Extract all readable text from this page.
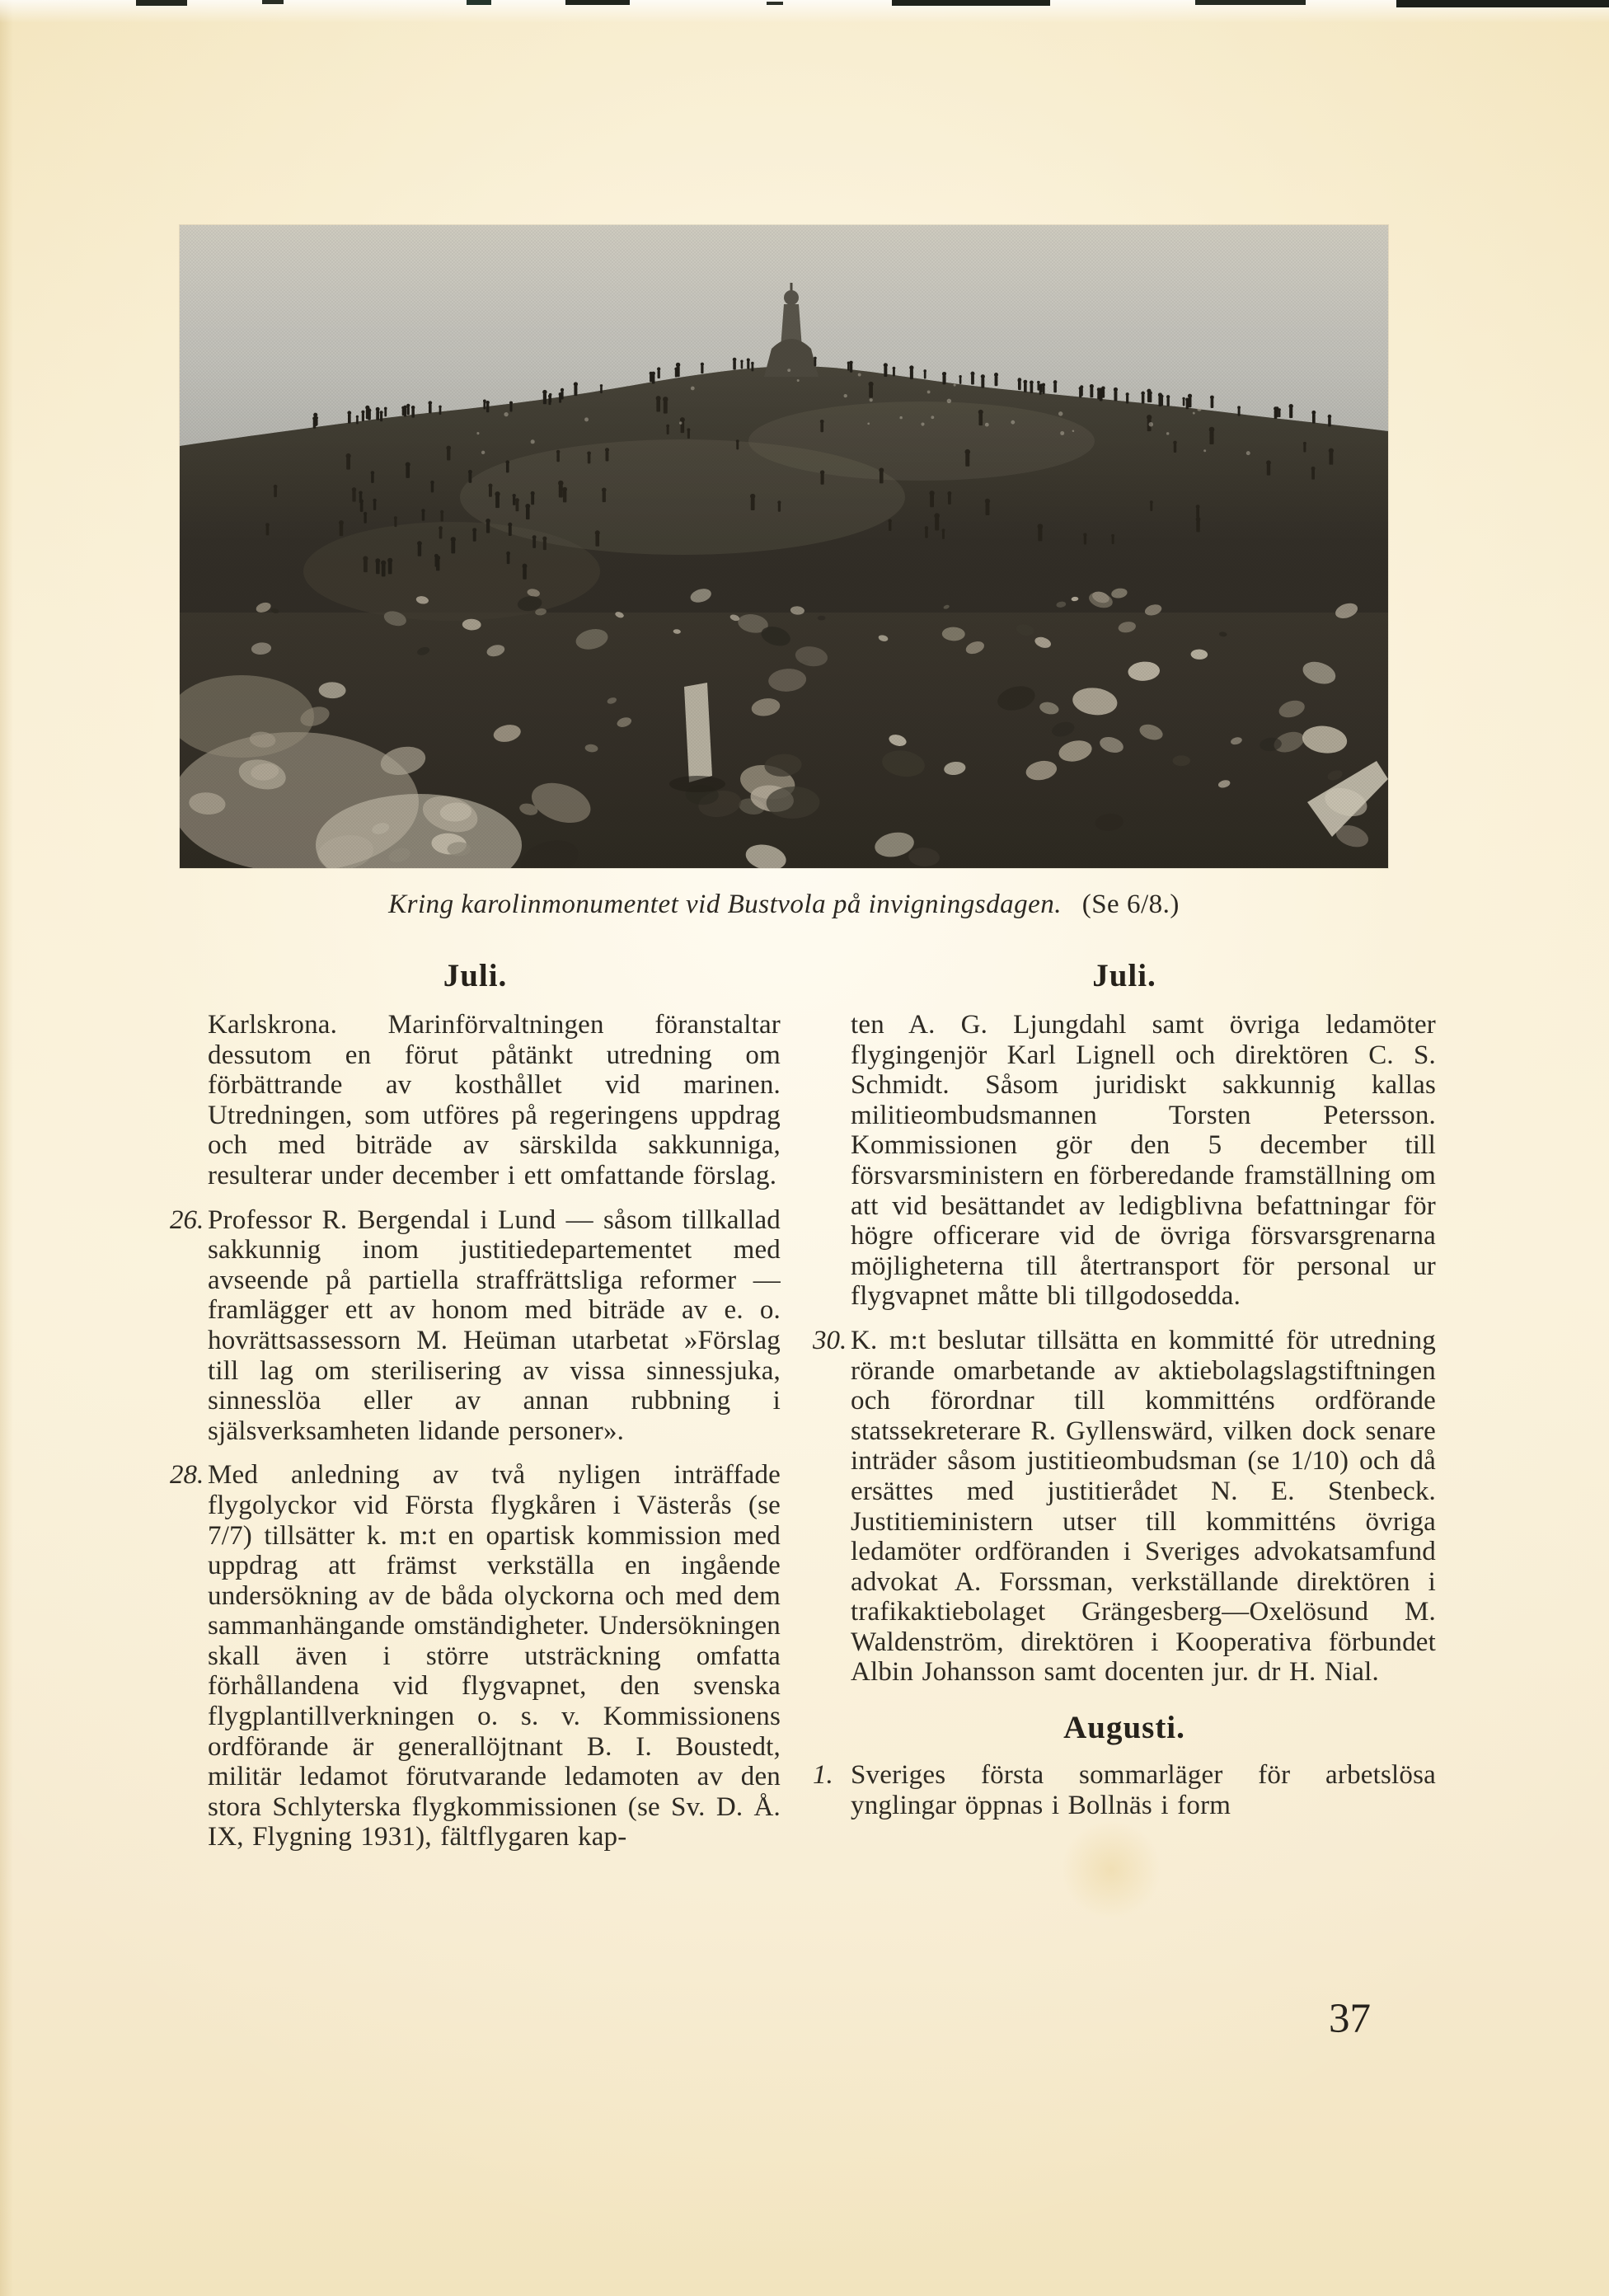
Kring karolinmonumentet vid Bustvola på invigningsdagen. (Se 6/8.)

Juli.

Karlskrona. Marinförvaltningen föranstaltar dessutom en förut påtänkt utredning om förbättrande av kosthållet vid marinen. Utredningen, som utföres på regeringens uppdrag och med biträde av särskilda sakkunniga, resulterar under december i ett omfattande förslag.

26. Professor R. Bergendal i Lund — såsom tillkallad sakkunnig inom justitiedepartementet med avseende på partiella straffrättsliga reformer — framlägger ett av honom med biträde av e. o. hovrättsassessorn M. Heüman utarbetat »Förslag till lag om sterilisering av vissa sinnessjuka, sinnesslöa eller av annan rubbning i själsverksamheten lidande personer».

28. Med anledning av två nyligen inträffade flygolyckor vid Första flygkåren i Västerås (se 7/7) tillsätter k. m:t en opartisk kommission med uppdrag att främst verkställa en ingående undersökning av de båda olyckorna och med dem sammanhängande omständigheter. Undersökningen skall även i större utsträckning omfatta förhållandena vid flygvapnet, den svenska flygplantillverkningen o. s. v. Kommissionens ordförande är generallöjtnant B. I. Boustedt, militär ledamot förutvarande ledamoten av den stora Schlyterska flygkommissionen (se Sv. D. Å. IX, Flygning 1931), fältflygaren kap-

Juli.

ten A. G. Ljungdahl samt övriga ledamöter flygingenjör Karl Lignell och direktören C. S. Schmidt. Såsom juridiskt sakkunnig kallas militieombudsmannen Torsten Petersson. Kommissionen gör den 5 december till försvarsministern en förberedande framställning om att vid besättandet av ledigblivna befattningar för högre officerare vid de övriga försvarsgrenarna möjligheterna till återtransport för personal ur flygvapnet måtte bli tillgodosedda.

30. K. m:t beslutar tillsätta en kommitté för utredning rörande omarbetande av aktiebolagslagstiftningen och förordnar till kommitténs ordförande statssekreterare R. Gyllenswärd, vilken dock senare inträder såsom justitieombudsman (se 1/10) och då ersättes med justitierådet N. E. Stenbeck. Justitieministern utser till kommitténs övriga ledamöter ordföranden i Sveriges advokatsamfund advokat A. Forssman, verkställande direktören i trafikaktiebolaget Grängesberg—Oxelösund M. Waldenström, direktören i Kooperativa förbundet Albin Johansson samt docenten jur. dr H. Nial.

Augusti.

1. Sveriges första sommarläger för arbetslösa ynglingar öppnas i Bollnäs i form

37
